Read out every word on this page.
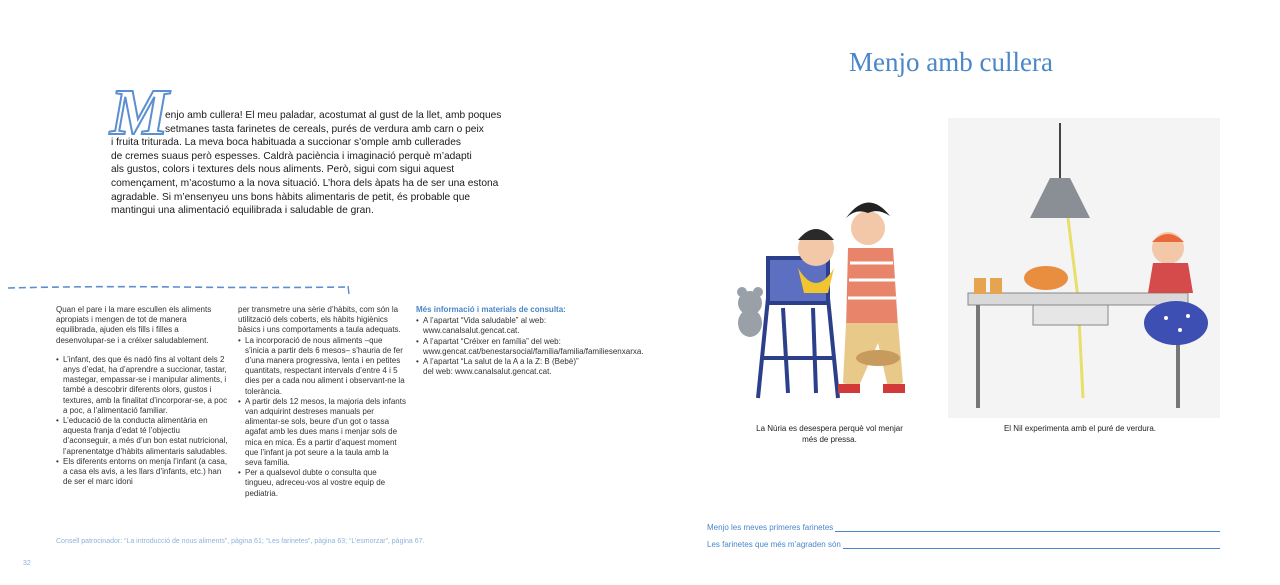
M
enjo amb cullera! El meu paladar, acostumat al gust de la llet, amb poques
setmanes tasta farinetes de cereals, purés de verdura amb carn o peix
i fruita triturada. La meva boca habituada a succionar s’omple amb cullerades
de cremes suaus però espesses. Caldrà paciència i imaginació perquè m’adapti
als gustos, colors i textures dels nous aliments. Però, sigui com sigui aquest
començament, m’acostumo a la nova situació. L’hora dels àpats ha de ser una estona
agradable. Si m’ensenyeu uns bons hàbits alimentaris de petit, és probable que
mantingui una alimentació equilibrada i saludable de gran.

Quan el pare i la mare escullen els aliments apropiats i mengen de tot de manera equilibrada, ajuden els fills i filles a desenvolupar-se i a créixer saludablement.

• L’infant, des que és nadó fins al voltant dels 2 anys d’edat, ha d’aprendre a succionar, tastar, mastegar, empassar-se i manipular aliments, i també a descobrir diferents olors, gustos i textures, amb la finalitat d’incorporar-se, a poc a poc, a l’alimentació familiar.
• L’educació de la conducta alimentària en aquesta franja d’edat té l’objectiu d’aconseguir, a més d’un bon estat nutricional, l’aprenentatge d’hàbits alimentaris saludables.
• Els diferents entorns on menja l’infant (a casa, a casa els avis, a les llars d’infants, etc.) han de ser el marc idoni

per transmetre una sèrie d’hàbits, com són la utilització dels coberts, els hàbits higiènics bàsics i uns comportaments a taula adequats.

• La incorporació de nous aliments –que s’inicia a partir dels 6 mesos– s’hauria de fer d’una manera progressiva, lenta i en petites quantitats, respectant intervals d’entre 4 i 5 dies per a cada nou aliment i observant-ne la tolerància.
• A partir dels 12 mesos, la majoria dels infants van adquirint destreses manuals per alimentar-se sols, beure d’un got o tassa agafat amb les dues mans i menjar sols de mica en mica. És a partir d’aquest moment que l’infant ja pot seure a la taula amb la seva família.
• Per a qualsevol dubte o consulta que tingueu, adreceu-vos al vostre equip de pediatria.
Més informació i materials de consulta:
• A l’apartat “Vida saludable” al web: www.canalsalut.gencat.cat.
• A l’apartat “Créixer en família” del web: www.gencat.cat/benestarsocial/familia/familia/familiesenxarxa.
• A l’apartat “La salut de la A a la Z: B (Bebè)” del web: www.canalsalut.gencat.cat.
Consell patrocinador: “La introducció de nous aliments”, pàgina 61; “Les farinetes”, pàgina 63; “L’esmorzar”, pàgina 67.
32
Menjo amb cullera
La Núria es desespera perquè vol menjar més de pressa.
El Nil experimenta amb el puré de verdura.
Menjo les meves primeres farinetes
Les farinetes que més m’agraden són
